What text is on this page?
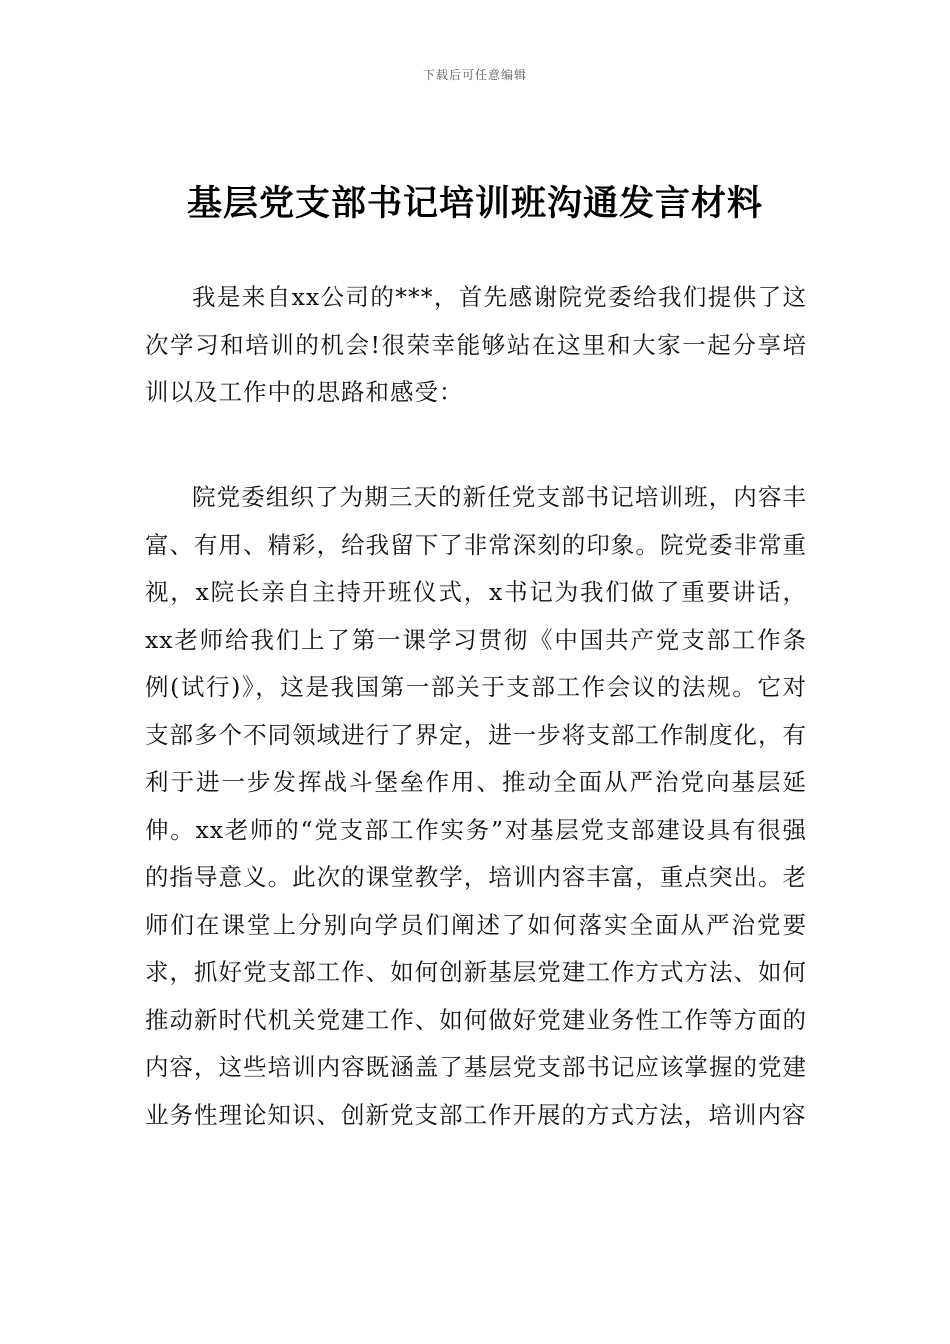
下载后可任意编辑
基层党支部书记培训班沟通发言材料

我是来自xx公司的***，首先感谢院党委给我们提供了这次学习和培训的机会!很荣幸能够站在这里和大家一起分享培训以及工作中的思路和感受：

院党委组织了为期三天的新任党支部书记培训班，内容丰富、有用、精彩，给我留下了非常深刻的印象。院党委非常重视，x院长亲自主持开班仪式，x书记为我们做了重要讲话，xx老师给我们上了第一课学习贯彻《中国共产党支部工作条例(试行)》，这是我国第一部关于支部工作会议的法规。它对支部多个不同领域进行了界定，进一步将支部工作制度化，有利于进一步发挥战斗堡垒作用、推动全面从严治党向基层延伸。xx老师的“党支部工作实务”对基层党支部建设具有很强的指导意义。此次的课堂教学，培训内容丰富，重点突出。老师们在课堂上分别向学员们阐述了如何落实全面从严治党要求，抓好党支部工作、如何创新基层党建工作方式方法、如何推动新时代机关党建工作、如何做好党建业务性工作等方面的内容，这些培训内容既涵盖了基层党支部书记应该掌握的党建业务性理论知识、创新党支部工作开展的方式方法，培训内容
